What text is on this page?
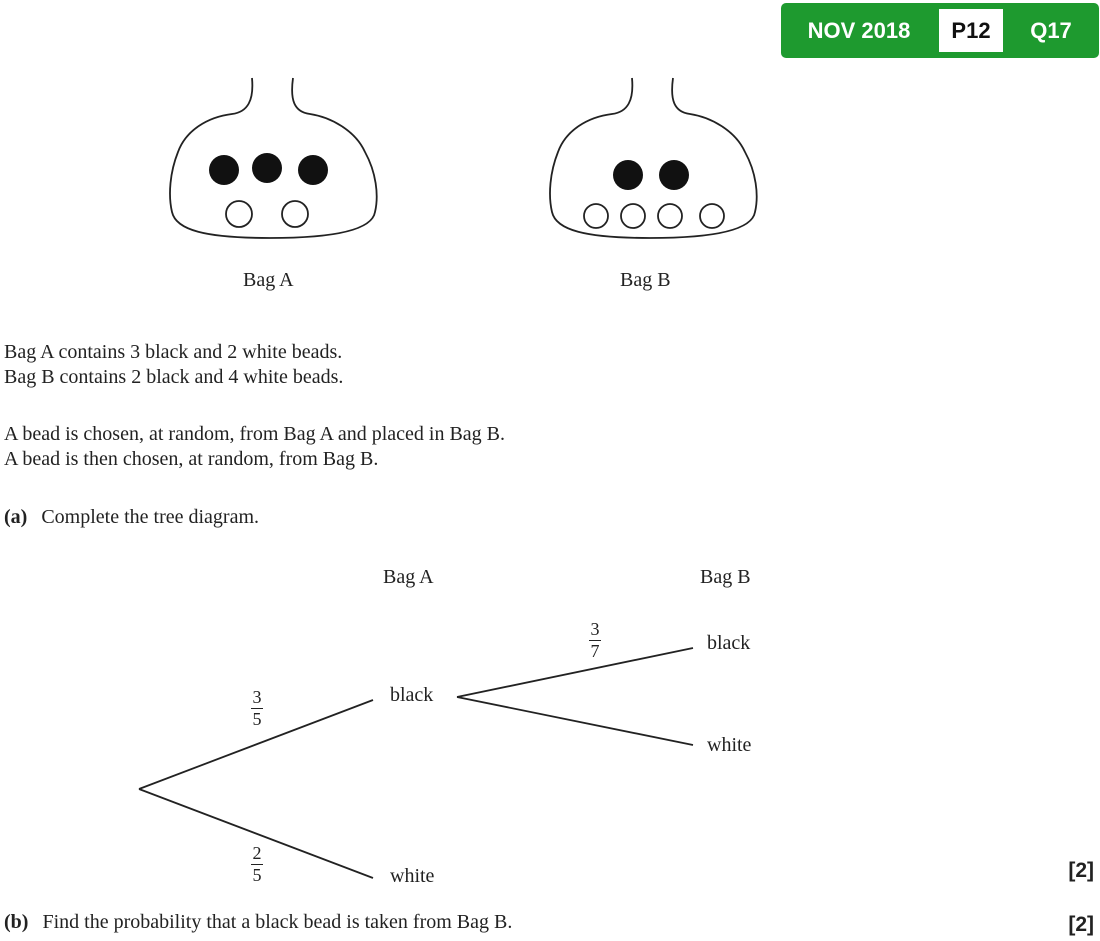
NOV 2018	P12	Q17
Bag A	Bag B
Bag A contains 3 black and 2 white beads.
Bag B contains 2 black and 4 white beads.
A bead is chosen, at random, from Bag A and placed in Bag B.
A bead is then chosen, at random, from Bag B.
(a) Complete the tree diagram.
Bag A	Bag B
black
white
black
white
3
5
2
5
3
7
[2]
(b) Find the probability that a black bead is taken from Bag B.	[2]
